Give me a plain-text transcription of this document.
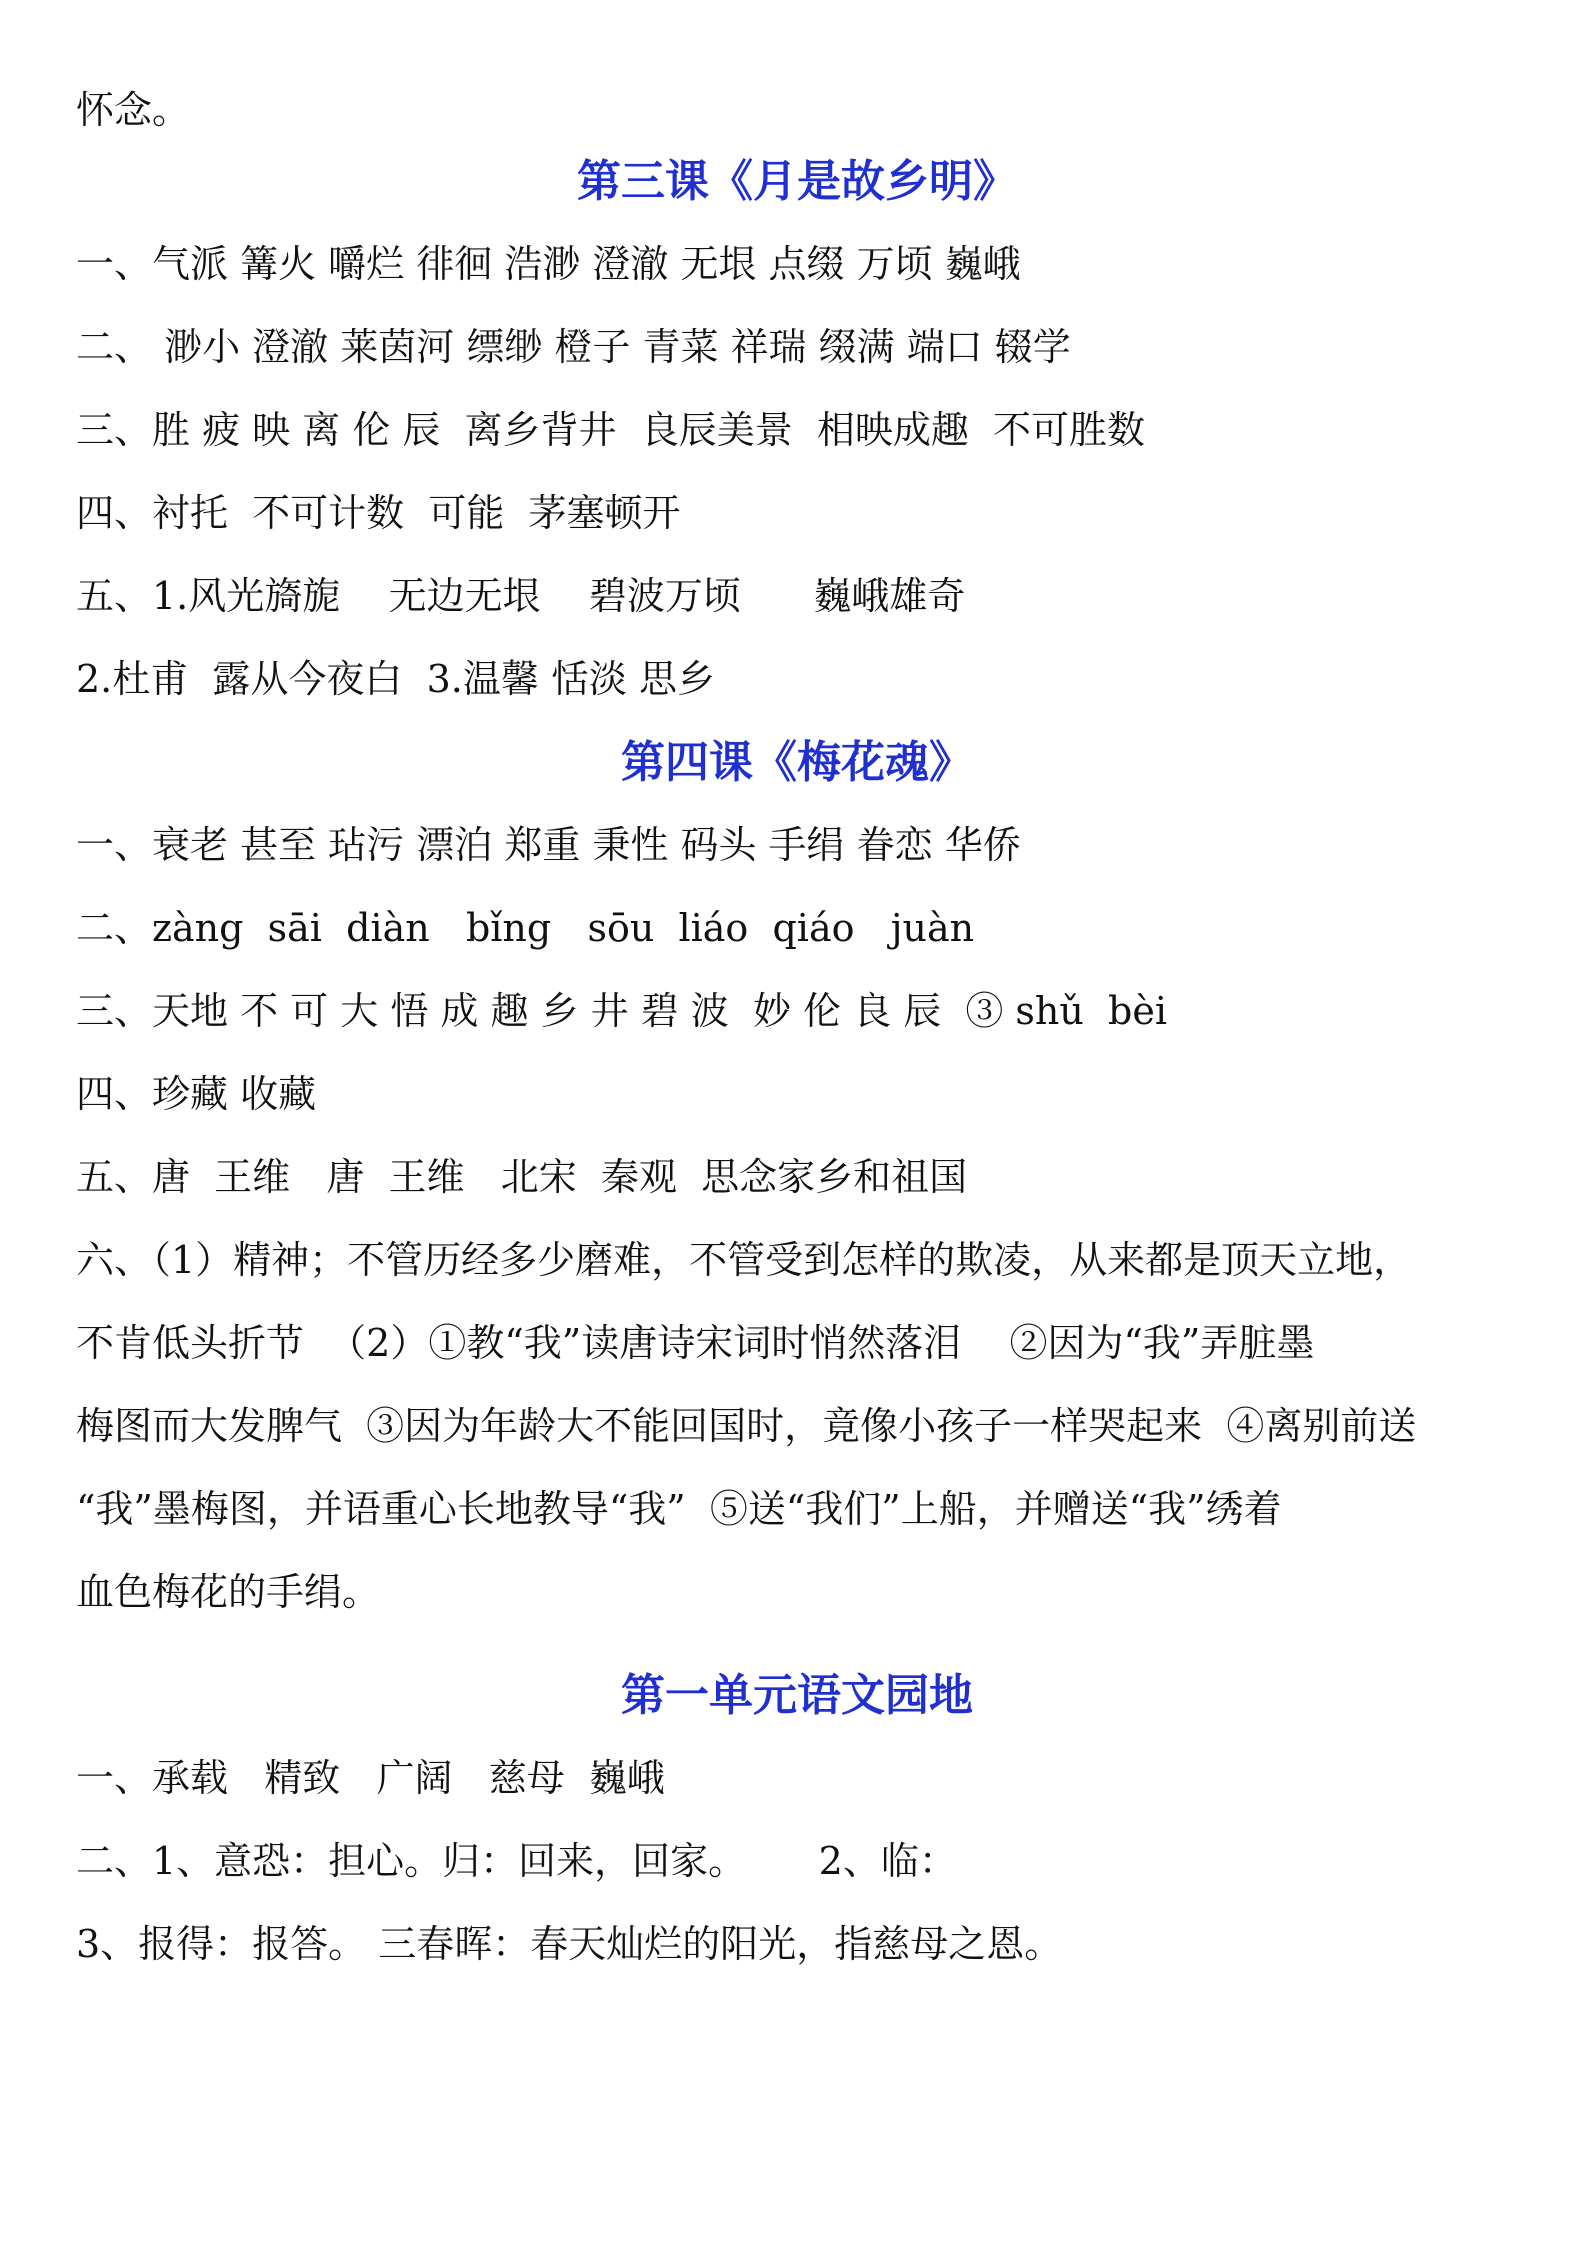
怀念。
第三课《月是故乡明》
一、气派 篝火 嚼烂 徘徊 浩渺 澄澈 无垠 点缀 万顷 巍峨
二、 渺小 澄澈 莱茵河 缥缈 橙子 青菜 祥瑞 缀满 端口 辍学
三、胜 疲 映 离 伦 辰  离乡背井  良辰美景  相映成趣  不可胜数
四、衬托  不可计数  可能  茅塞顿开
五、1.风光旖旎    无边无垠    碧波万顷      巍峨雄奇
2.杜甫  露从今夜白  3.温馨 恬淡 思乡
第四课《梅花魂》
一、衰老 甚至 玷污 漂泊 郑重 秉性 码头 手绢 眷恋 华侨
二、zàng  sāi  diàn   bǐng   sōu  liáo  qiáo   juàn
三、天地 不 可 大 悟 成 趣 乡 井 碧 波  妙 伦 良 辰  ③ shǔ  bèi
四、珍藏 收藏
五、唐  王维   唐  王维   北宋  秦观  思念家乡和祖国
六、（1）精神；不管历经多少磨难，不管受到怎样的欺凌，从来都是顶天立地，
不肯低头折节  （2）①教“我”读唐诗宋词时悄然落泪    ②因为“我”弄脏墨
梅图而大发脾气  ③因为年龄大不能回国时，竟像小孩子一样哭起来  ④离别前送
“我”墨梅图，并语重心长地教导“我”  ⑤送“我们”上船，并赠送“我”绣着
血色梅花的手绢。
第一单元语文园地
一、承载   精致   广阔   慈母  巍峨
二、1、意恐：担心。归：回来，回家。      2、临：
3、报得：报答。 三春晖：春天灿烂的阳光，指慈母之恩。
